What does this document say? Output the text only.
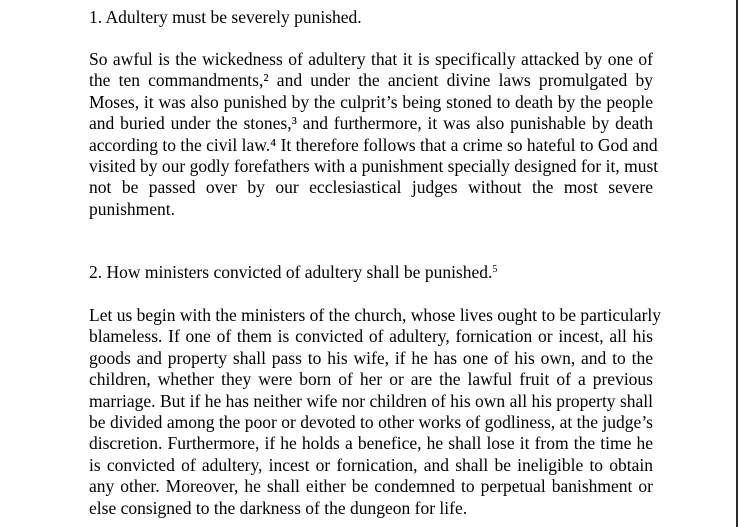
1. Adultery must be severely punished.

So awful is the wickedness of adultery that it is specifically attacked by one of
the ten commandments,² and under the ancient divine laws promulgated by
Moses, it was also punished by the culprit’s being stoned to death by the people
and buried under the stones,³ and furthermore, it was also punishable by death
according to the civil law.⁴ It therefore follows that a crime so hateful to God and
visited by our godly forefathers with a punishment specially designed for it, must
not be passed over by our ecclesiastical judges without the most severe
punishment.

2. How ministers convicted of adultery shall be punished.$^5$

Let us begin with the ministers of the church, whose lives ought to be particularly
blameless. If one of them is convicted of adultery, fornication or incest, all his
goods and property shall pass to his wife, if he has one of his own, and to the
children, whether they were born of her or are the lawful fruit of a previous
marriage. But if he has neither wife nor children of his own all his property shall
be divided among the poor or devoted to other works of godliness, at the judge’s
discretion. Furthermore, if he holds a benefice, he shall lose it from the time he
is convicted of adultery, incest or fornication, and shall be ineligible to obtain
any other. Moreover, he shall either be condemned to perpetual banishment or
else consigned to the darkness of the dungeon for life.
